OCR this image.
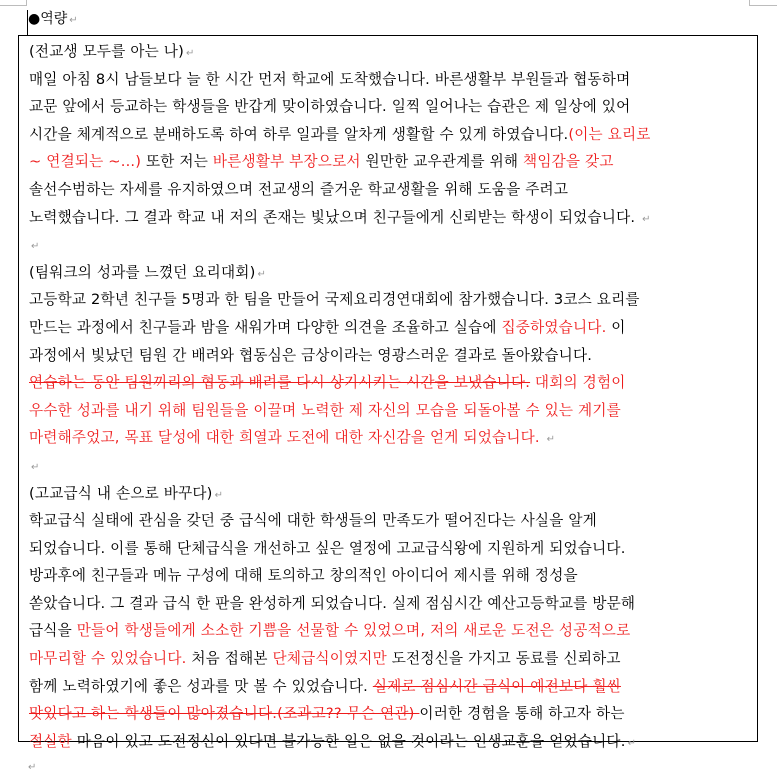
●역량 ↵
(전교생 모두를 아는 나) ↵
매일 아침 8시 남들보다 늘 한 시간 먼저 학교에 도착했습니다. 바른생활부 부원들과 협동하며
교문 앞에서 등교하는 학생들을 반갑게 맞이하였습니다. 일찍 일어나는 습관은 제 일상에 있어
시간을 체계적으로 분배하도록 하여 하루 일과를 알차게 생활할 수 있게 하였습니다.(이는 요리로
~ 연결되는 ~...) 또한 저는 바른생활부 부장으로서 원만한 교우관계를 위해 책임감을 갖고
솔선수범하는 자세를 유지하였으며 전교생의 즐거운 학교생활을 위해 도움을 주려고
노력했습니다. 그 결과 학교 내 저의 존재는 빛났으며 친구들에게 신뢰받는 학생이 되었습니다. ↵
↵
(팀워크의 성과를 느꼈던 요리대회) ↵
고등학교 2학년 친구들 5명과 한 팀을 만들어 국제요리경연대회에 참가했습니다. 3코스 요리를
만드는 과정에서 친구들과 밤을 새워가며 다양한 의견을 조율하고 실습에 집중하였습니다. 이
과정에서 빛났던 팀원 간 배려와 협동심은 금상이라는 영광스러운 결과로 돌아왔습니다.
연습하는 동안 팀원끼리의 협동과 배려를 다시 상기시키는 시간을 보냈습니다. 대회의 경험이
우수한 성과를 내기 위해 팀원들을 이끌며 노력한 제 자신의 모습을 되돌아볼 수 있는 계기를
마련해주었고, 목표 달성에 대한 희열과 도전에 대한 자신감을 얻게 되었습니다. ↵
↵
(고교급식 내 손으로 바꾸다) ↵
학교급식 실태에 관심을 갖던 중 급식에 대한 학생들의 만족도가 떨어진다는 사실을 알게
되었습니다. 이를 통해 단체급식을 개선하고 싶은 열정에 고교급식왕에 지원하게 되었습니다.
방과후에 친구들과 메뉴 구성에 대해 토의하고 창의적인 아이디어 제시를 위해 정성을
쏟았습니다. 그 결과 급식 한 판을 완성하게 되었습니다. 실제 점심시간 예산고등학교를 방문해
급식을 만들어 학생들에게 소소한 기쁨을 선물할 수 있었으며, 저의 새로운 도전은 성공적으로
마무리할 수 있었습니다. 처음 접해본 단체급식이였지만 도전정신을 가지고 동료를 신뢰하고
함께 노력하였기에 좋은 성과를 맛 볼 수 있었습니다. 실제로 점심시간 급식이 예전보다 훨씬
맛있다고 하는 학생들이 많아졌습니다.(조과고?? 무슨 연관) 이러한 경험을 통해 하고자 하는
절실한 마음이 있고 도전정신이 있다면 불가능한 일은 없을 것이라는 인생교훈을 얻었습니다. ↵
↵
